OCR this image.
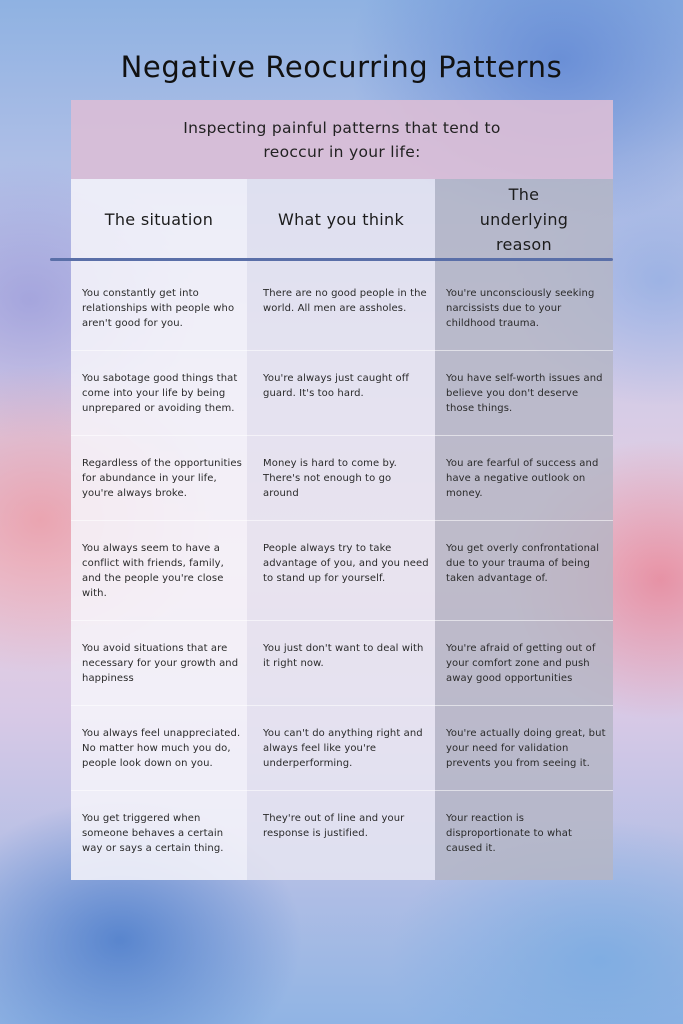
Negative Reocurring Patterns
Inspecting painful patterns that tend to reoccur in your life:
The situation	What you think
The underlying reason
You constantly get into relationships with people who aren't good for you.
There are no good people in the world. All men are assholes.
You're unconsciously seeking narcissists due to your childhood trauma.
You sabotage good things that come into your life by being unprepared or avoiding them.
You're always just caught off guard. It's too hard.
You have self-worth issues and believe you don't deserve those things.
Regardless of the opportunities for abundance in your life, you're always broke.
Money is hard to come by. There's not enough to go around
You are fearful of success and have a negative outlook on money.
You always seem to have a conflict with friends, family, and the people you're close with.
People always try to take advantage of you, and you need to stand up for yourself.
You get overly confrontational due to your trauma of being taken advantage of.
You avoid situations that are necessary for your growth and happiness
You just don't want to deal with it right now.
You're afraid of getting out of your comfort zone and push away good opportunities
You always feel unappreciated. No matter how much you do, people look down on you.
You can't do anything right and always feel like you're underperforming.
You're actually doing great, but your need for validation prevents you from seeing it.
You get triggered when someone behaves a certain way or says a certain thing.
They're out of line and your response is justified.
Your reaction is disproportionate to what caused it.
